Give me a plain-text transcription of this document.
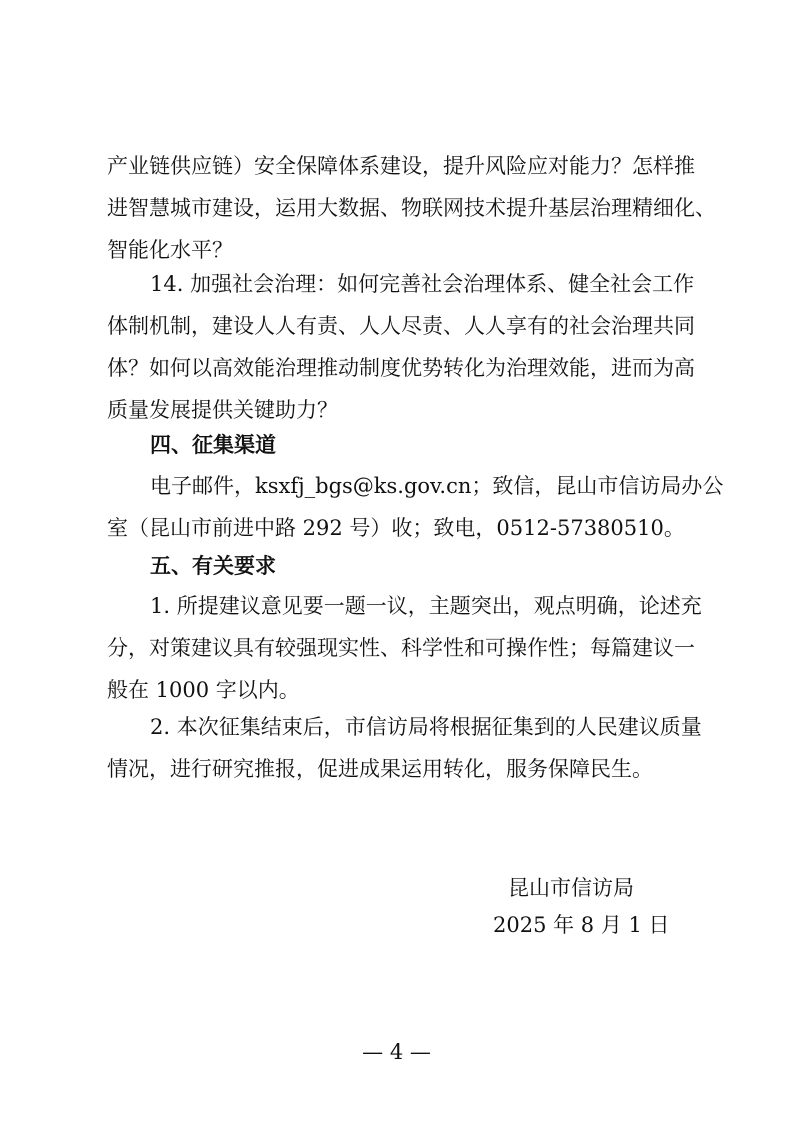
产业链供应链）安全保障体系建设，提升风险应对能力？怎样推
进智慧城市建设，运用大数据、物联网技术提升基层治理精细化、
智能化水平？
14. 加强社会治理：如何完善社会治理体系、健全社会工作
体制机制，建设人人有责、人人尽责、人人享有的社会治理共同
体？如何以高效能治理推动制度优势转化为治理效能，进而为高
质量发展提供关键助力？
四、征集渠道
电子邮件，ksxfj_bgs@ks.gov.cn；致信，昆山市信访局办公
室（昆山市前进中路 292 号）收；致电，0512-57380510。
五、有关要求
1. 所提建议意见要一题一议，主题突出，观点明确，论述充
分，对策建议具有较强现实性、科学性和可操作性；每篇建议一
般在 1000 字以内。
2. 本次征集结束后，市信访局将根据征集到的人民建议质量
情况，进行研究推报，促进成果运用转化，服务保障民生。
昆山市信访局
2025 年 8 月 1 日
— 4 —
